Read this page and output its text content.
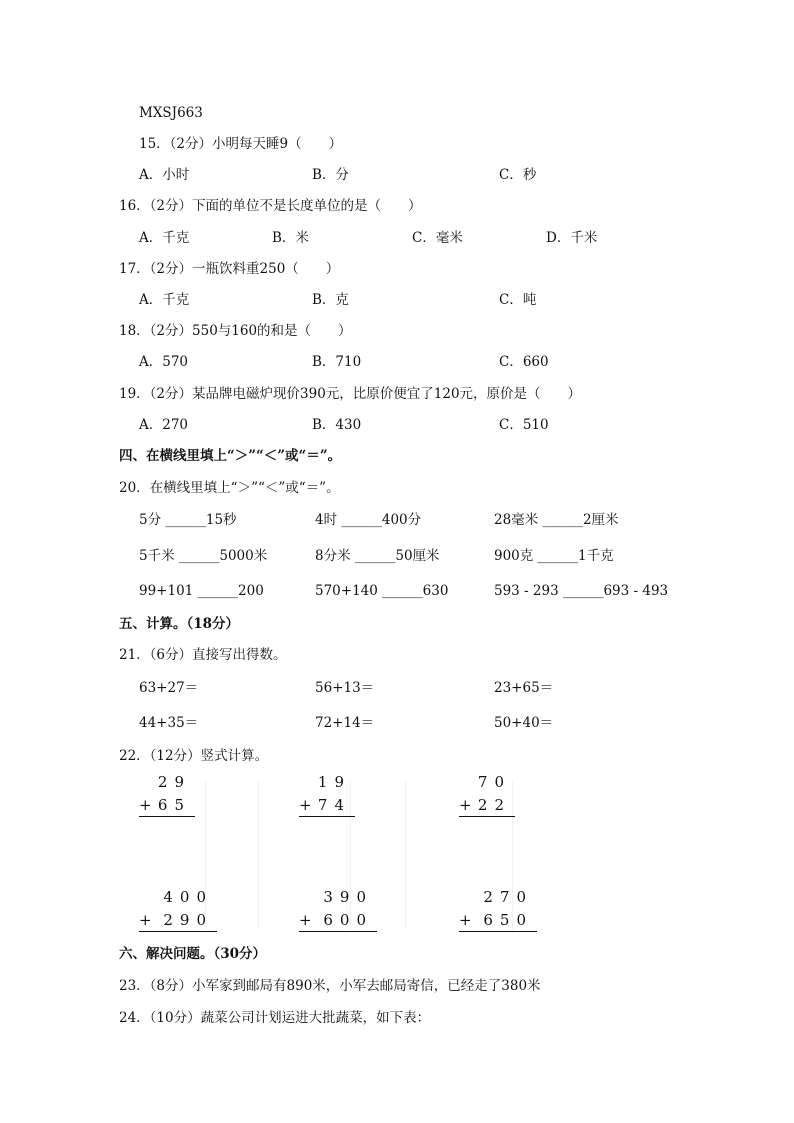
MXSJ663
15．（2分）小明每天睡9（　　）
A．小时	B．分	C．秒
16．（2分）下面的单位不是长度单位的是（　　）
A．千克	B．米	C．毫米	D．千米
17．（2分）一瓶饮料重250（　　）
A．千克	B．克	C．吨
18．（2分）550与160的和是（　　）
A．570	B．710	C．660
19．（2分）某品牌电磁炉现价390元，比原价便宜了120元，原价是（　　）
A．270	B．430	C．510
四、在横线里填上“＞”“＜”或“＝”。
20．在横线里填上“＞”“＜”或“＝”。
5分 ______15秒	4时 ______400分	28毫米 ______2厘米
5千米 ______5000米	8分米 ______50厘米	900克 ______1千克
99+101 ______200	570+140 ______630	593 - 293 ______693 - 493
五、计算。（18分）
21．（6分）直接写出得数。
63+27＝	56+13＝	23+65＝
44+35＝	72+14＝	50+40＝
22．（12分）竖式计算。
29
+ 65
19
+ 74
70
+ 22
400
+ 290
390
+ 600
270
+ 650
六、解决问题。（30分）
23．（8分）小军家到邮局有890米，小军去邮局寄信，已经走了380米
24．（10分）蔬菜公司计划运进大批蔬菜，如下表：
